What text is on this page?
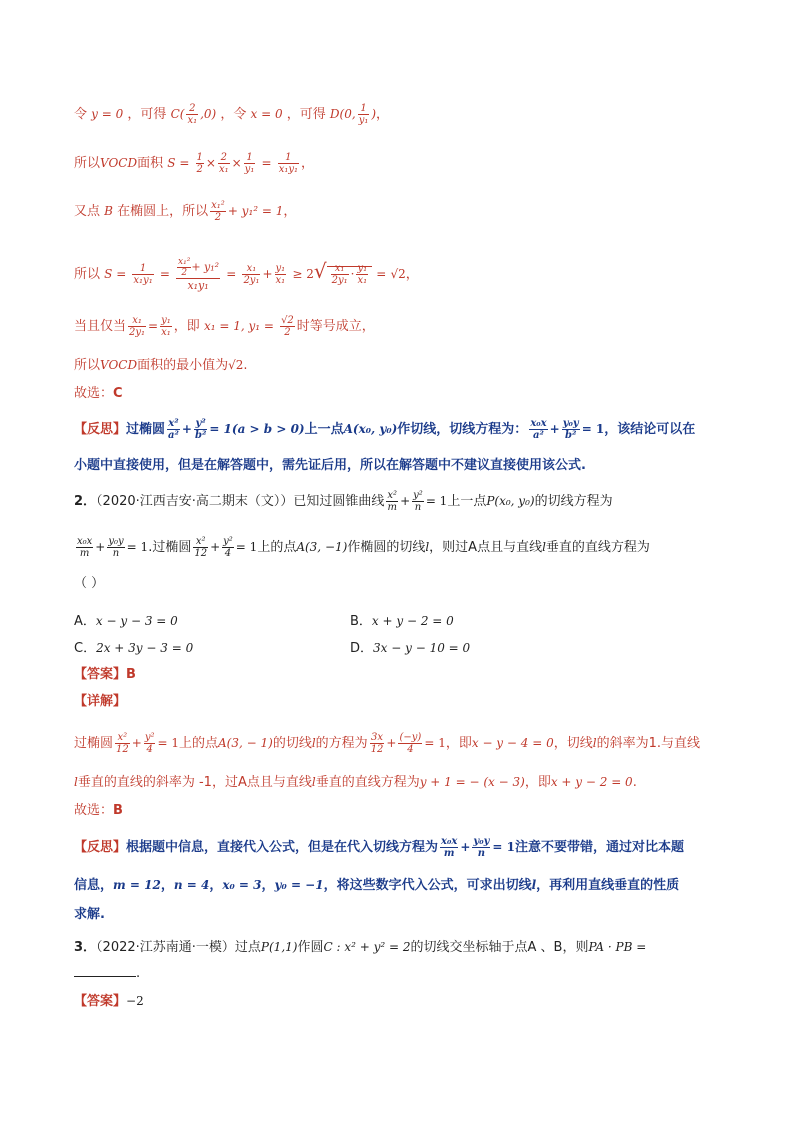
令 y = 0 ，可得 $C( \frac{2}{\text{x₁}} ,0)$ ，令 x = 0 ，可得 D(0, $\frac{1}{\text{y₁}}$ )，
所以VOCD面积 $S = \frac{1}{2} \times \frac{2}{\text{x₁}} \times \frac{1}{\text{y₁}} = \frac{1}{\text{x₁y₁}}$ ，
又点 B 在椭圆上，所以 $\frac{\text{x₁²}}{2} + y_1^2 = 1$，
所以 $S = \frac{1}{\text{x₁y₁}} = \frac{\frac{\text{x₁²}}{2} + y_1^2}{\text{x₁y₁}} = \frac{\text{x₁}}{\text{2y₁}} + \frac{\text{y₁}}{\text{x₁}} \ge 2√ \frac{\text{x₁}}{\text{2y₁}} \cdot \frac{\text{y₁}}{\text{x₁}} = √2$，
当且仅当 $\frac{\text{x₁}}{\text{2y₁}} = \frac{\text{y₁}}{\text{x₁}}$ ，即 x₁ = 1, $y_1 = \frac{√2}{2}$ 时等号成立，
所以VOCD面积的最小值为√2.
故选：C
【反思】过椭圆 $\frac{\text{x²}}{\text{a²}} + \frac{\text{y²}}{\text{b²}} = 1(a > b > 0)$上一点A(x₀, y₀)作切线，切线方程为： $\frac{\text{x₀x}}{\text{a²}} + \frac{\text{y₀y}}{\text{b²}} = 1$，该结论可以在
小题中直接使用，但是在解答题中，需先证后用，所以在解答题中不建议直接使用该公式.
2．（2020·江西吉安·高二期末（文））已知过圆锥曲线 $\frac{\text{x²}}{m} + \frac{\text{y²}}{n} = 1$上一点P(x₀, y₀)的切线方程为
$\frac{\text{x₀x}}{m} + \frac{\text{y₀y}}{n} = 1$.过椭圆 $\frac{\text{x²}}{12} + \frac{\text{y²}}{4} = 1$上的点A(3, −1)作椭圆的切线l，则过A点且与直线l垂直的直线方程为
（ ）
A．x − y − 3 = 0	B．x + y − 2 = 0
C．2x + 3y − 3 = 0	D．3x − y − 10 = 0
【答案】B
【详解】
过椭圆 $\frac{\text{x²}}{12} + \frac{\text{y²}}{4} = 1$上的点A(3, − 1)的切线l的方程为 $\frac{3x}{12} + \frac{(-y)}{4} = 1$，即x − y − 4 = 0，切线l的斜率为1.与直线
l垂直的直线的斜率为 -1，过A点且与直线l垂直的直线方程为y + 1 = − (x − 3)，即x + y − 2 = 0.
故选：B
【反思】根据题中信息，直接代入公式，但是在代入切线方程为 $\frac{\text{x₀x}}{m} + \frac{\text{y₀y}}{n} = 1$注意不要带错，通过对比本题
信息，m = 12，n = 4，x₀ = 3，y₀ = −1，将这些数字代入公式，可求出切线l，再利用直线垂直的性质
求解.
3．（2022·江苏南通·一模）过点P(1,1)作圆C : x² + y² = 2的切线交坐标轴于点A 、B，则PA · PB =
.
【答案】−2
